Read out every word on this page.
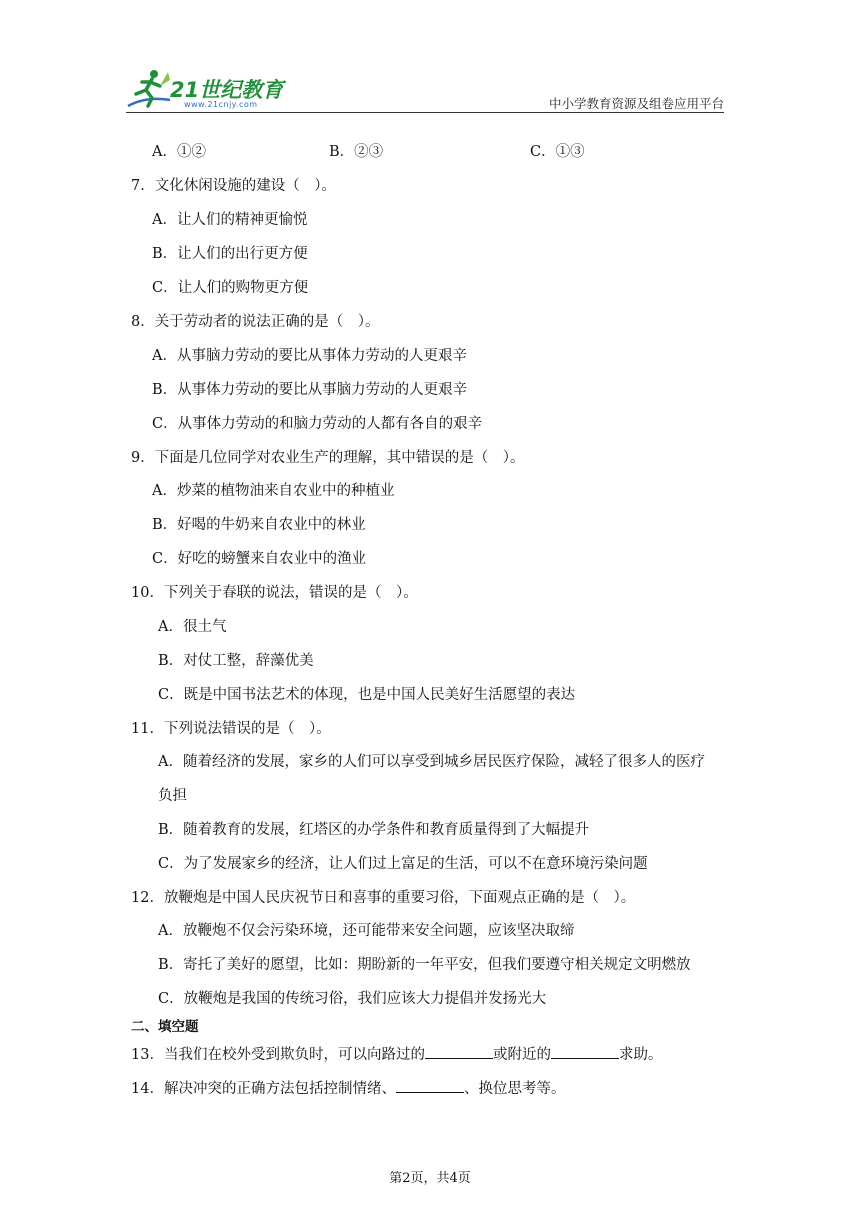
21世纪教育
www.21cnjy.com	中小学教育资源及组卷应用平台
A．①②	B．②③	C．①③
7．文化休闲设施的建设（　）。
A．让人们的精神更愉悦
B．让人们的出行更方便
C．让人们的购物更方便
8．关于劳动者的说法正确的是（　）。
A．从事脑力劳动的要比从事体力劳动的人更艰辛
B．从事体力劳动的要比从事脑力劳动的人更艰辛
C．从事体力劳动的和脑力劳动的人都有各自的艰辛
9．下面是几位同学对农业生产的理解，其中错误的是（　）。
A．炒菜的植物油来自农业中的种植业
B．好喝的牛奶来自农业中的林业
C．好吃的螃蟹来自农业中的渔业
10．下列关于春联的说法，错误的是（　）。
A．很土气
B．对仗工整，辞藻优美
C．既是中国书法艺术的体现，也是中国人民美好生活愿望的表达
11．下列说法错误的是（　）。
A．随着经济的发展，家乡的人们可以享受到城乡居民医疗保险，减轻了很多人的医疗
负担
B．随着教育的发展，红塔区的办学条件和教育质量得到了大幅提升
C．为了发展家乡的经济，让人们过上富足的生活，可以不在意环境污染问题
12．放鞭炮是中国人民庆祝节日和喜事的重要习俗，下面观点正确的是（　）。
A．放鞭炮不仅会污染环境，还可能带来安全问题，应该坚决取缔
B．寄托了美好的愿望，比如：期盼新的一年平安，但我们要遵守相关规定文明燃放
C．放鞭炮是我国的传统习俗，我们应该大力提倡并发扬光大
二、填空题
13．当我们在校外受到欺负时，可以向路过的	或附近的	求助。
14．解决冲突的正确方法包括控制情绪、	、换位思考等。
第2页，共4页
